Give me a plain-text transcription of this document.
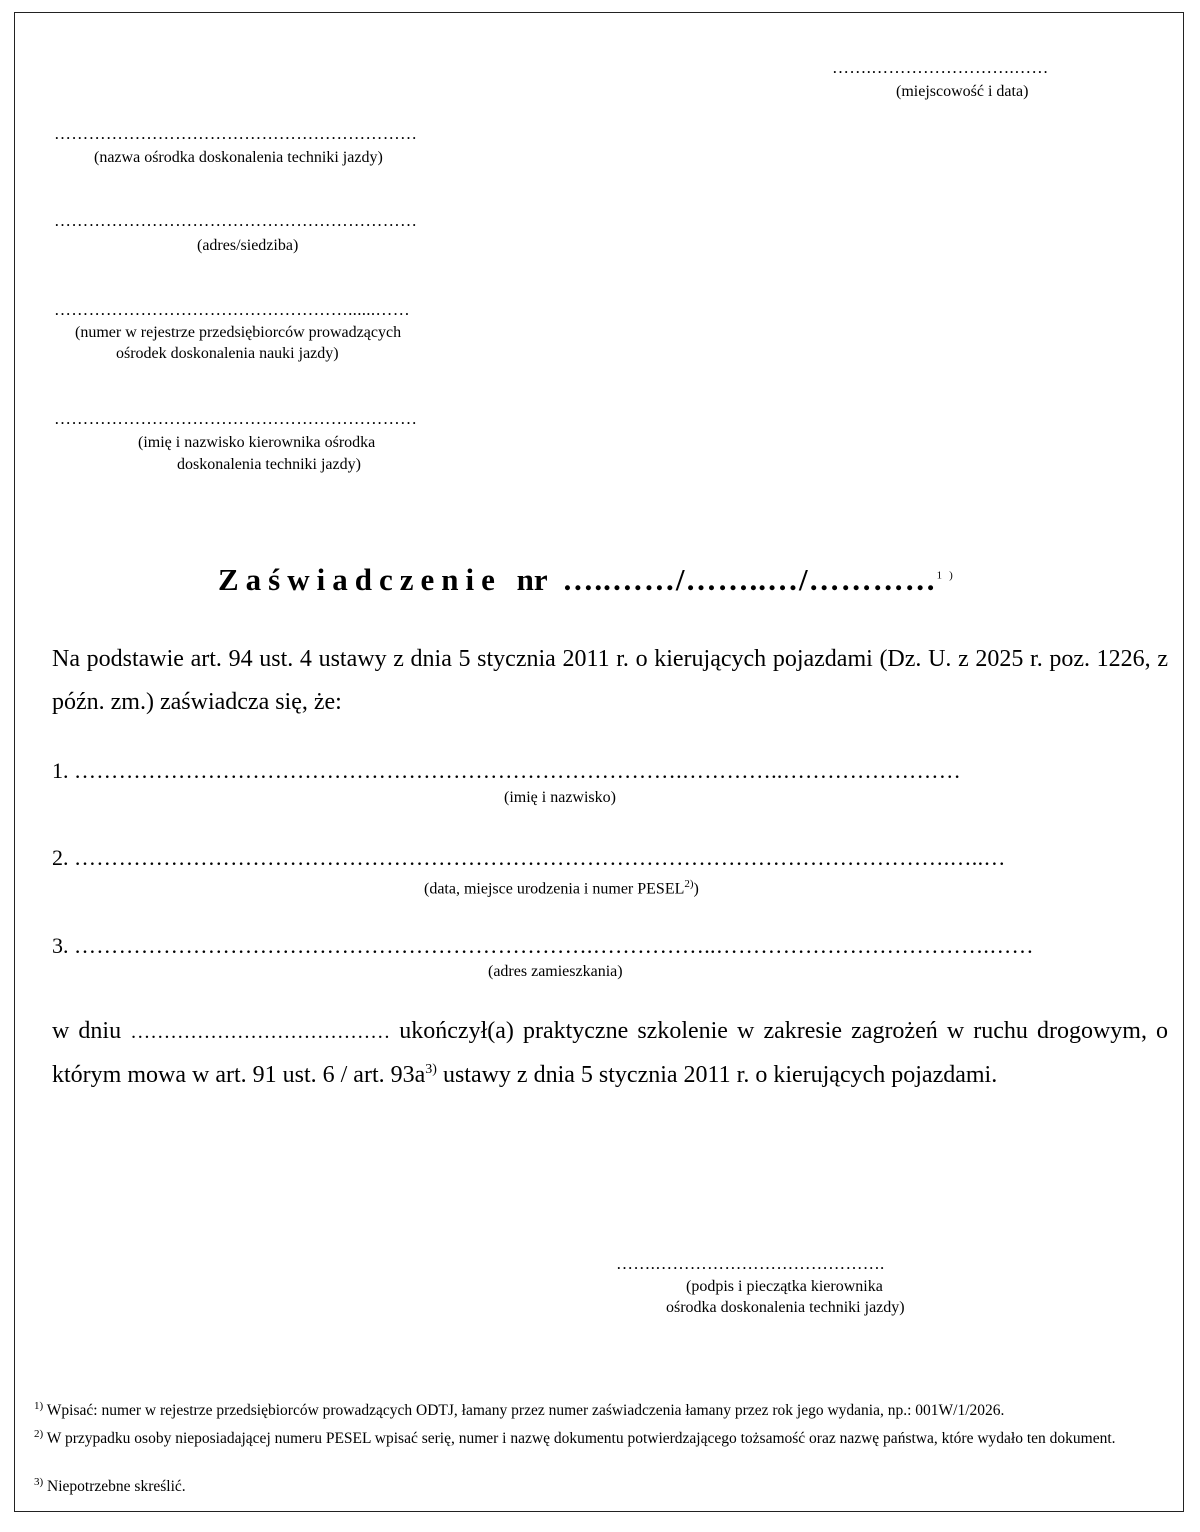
…….…………………….……
(miejscowość i data)
………………………………………………………
(nazwa ośrodka doskonalenia techniki jazdy)
………………………………………………………
(adres/siedziba)
……………………………………………......……
(numer w rejestrze przedsiębiorców prowadzących
ośrodek doskonalenia nauki jazdy)
………………………………………………………
(imię i nazwisko kierownika ośrodka
doskonalenia techniki jazdy)
Zaświadczenie nr …..……/……..…/…………$^{1)}$
Na podstawie art. 94 ust. 4 ustawy z dnia 5 stycznia 2011 r. o kierujących pojazdami (Dz. U. z 2025 r. poz. 1226, z późn. zm.) zaświadcza się, że:
1. ……………………………………………………………………….…………..……………………
(imię i nazwisko)
2. ……………………………………………………………………………………………………….…..…
(data, miejsce urodzenia i numer PESEL$^{2)}$)
3. …………………………………………………………….……………..……………………………….……
(adres zamieszkania)
w dniu ………………………………… ukończył(a) praktyczne szkolenie w zakresie zagrożeń w ruchu drogowym, o którym mowa w art. 91 ust. 6 / art. $93a^{3)}$ ustawy z dnia 5 stycznia 2011 r. o kierujących pojazdami.
…….………………………………….
(podpis i pieczątka kierownika
ośrodka doskonalenia techniki jazdy)
$^{1)}$ Wpisać: numer w rejestrze przedsiębiorców prowadzących ODTJ, łamany przez numer zaświadczenia łamany przez rok jego wydania, np.: 001W/1/2026.
$^{2)}$ W przypadku osoby nieposiadającej numeru PESEL wpisać serię, numer i nazwę dokumentu potwierdzającego tożsamość oraz nazwę państwa, które wydało ten dokument.
$^{3)}$ Niepotrzebne skreślić.
